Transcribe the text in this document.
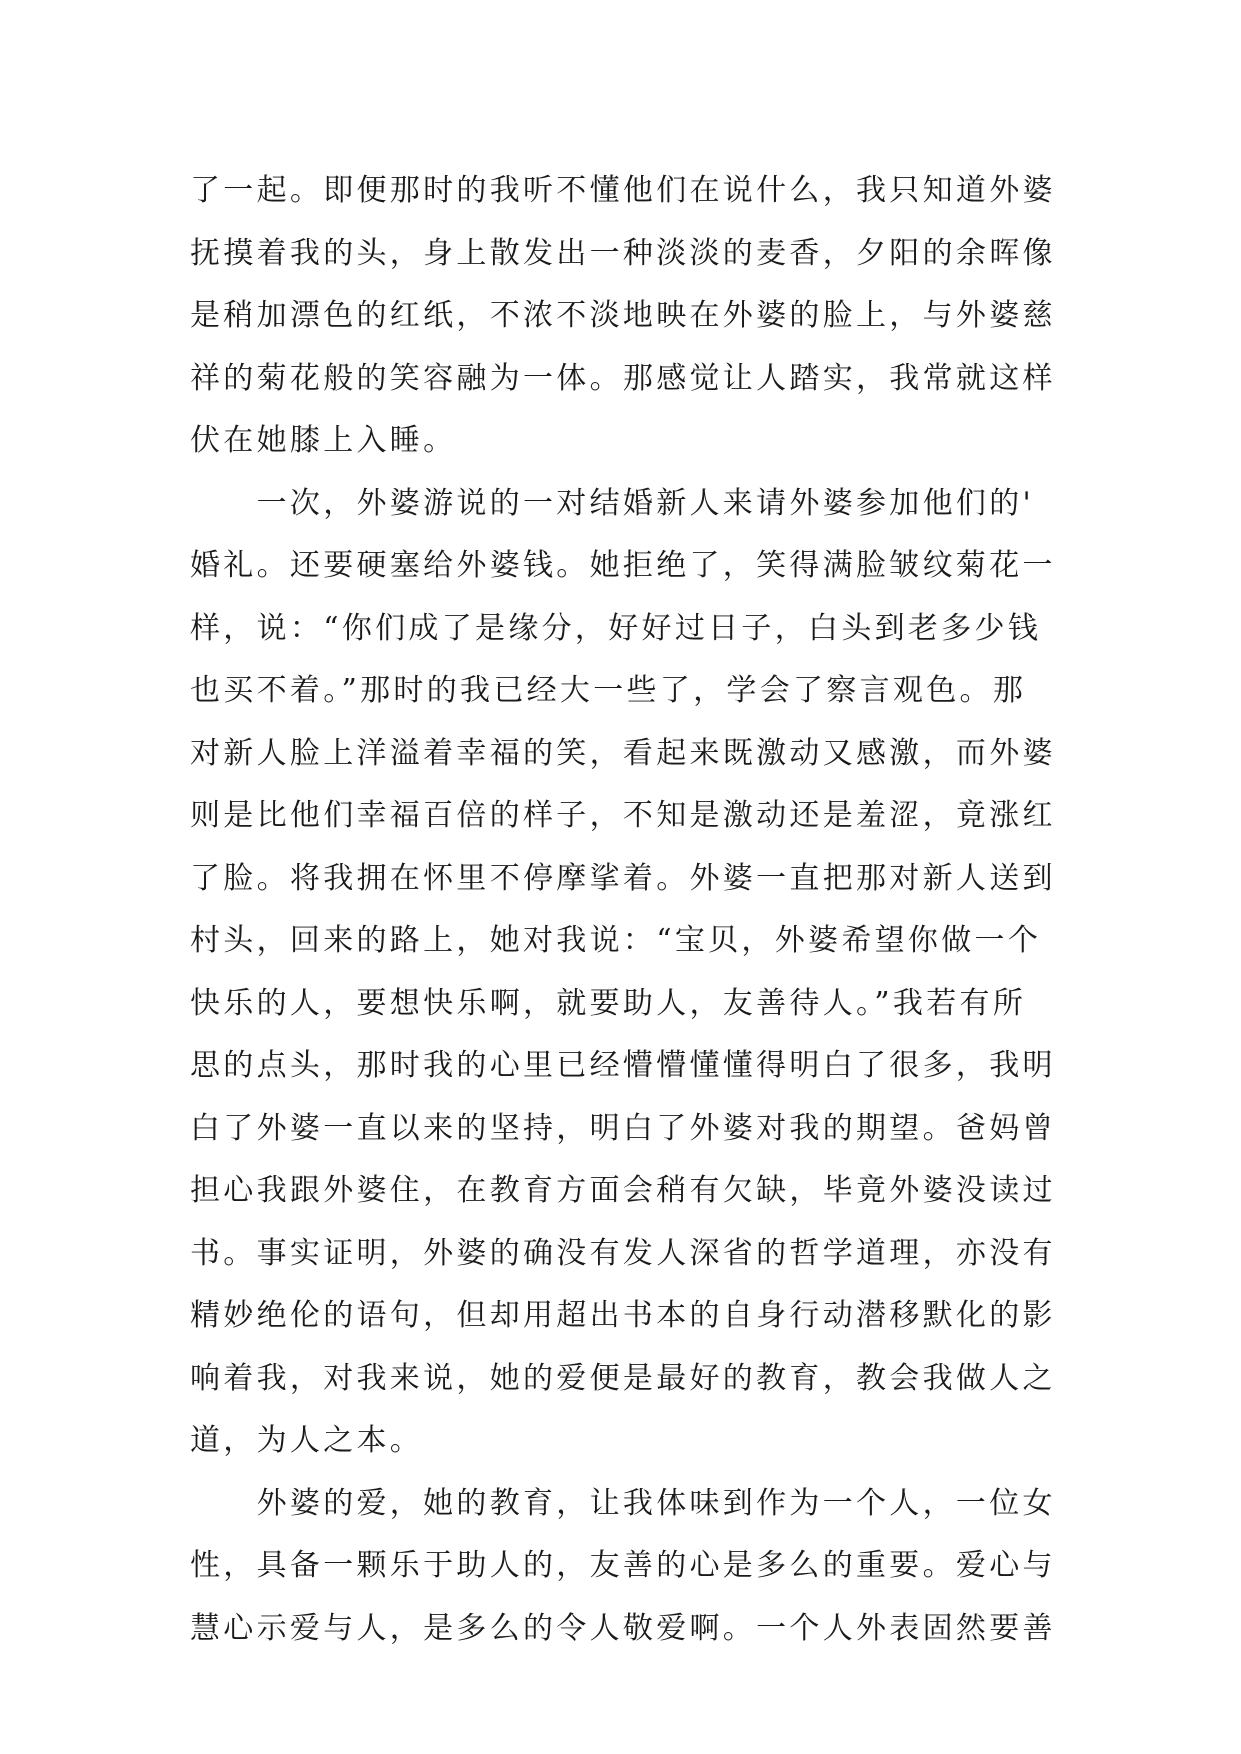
了一起。即便那时的我听不懂他们在说什么，我只知道外婆
抚摸着我的头，身上散发出一种淡淡的麦香，夕阳的余晖像
是稍加漂色的红纸，不浓不淡地映在外婆的脸上，与外婆慈
祥的菊花般的笑容融为一体。那感觉让人踏实，我常就这样
伏在她膝上入睡。
　　一次，外婆游说的一对结婚新人来请外婆参加他们的'
婚礼。还要硬塞给外婆钱。她拒绝了，笑得满脸皱纹菊花一
样，说：“你们成了是缘分，好好过日子，白头到老多少钱
也买不着。”那时的我已经大一些了，学会了察言观色。那
对新人脸上洋溢着幸福的笑，看起来既激动又感激，而外婆
则是比他们幸福百倍的样子，不知是激动还是羞涩，竟涨红
了脸。将我拥在怀里不停摩挲着。外婆一直把那对新人送到
村头，回来的路上，她对我说：“宝贝，外婆希望你做一个
快乐的人，要想快乐啊，就要助人，友善待人。”我若有所
思的点头，那时我的心里已经懵懵懂懂得明白了很多，我明
白了外婆一直以来的坚持，明白了外婆对我的期望。爸妈曾
担心我跟外婆住，在教育方面会稍有欠缺，毕竟外婆没读过
书。事实证明，外婆的确没有发人深省的哲学道理，亦没有
精妙绝伦的语句，但却用超出书本的自身行动潜移默化的影
响着我，对我来说，她的爱便是最好的教育，教会我做人之
道，为人之本。
　　外婆的爱，她的教育，让我体味到作为一个人，一位女
性，具备一颗乐于助人的，友善的心是多么的重要。爱心与
慧心示爱与人，是多么的令人敬爱啊。一个人外表固然要善
